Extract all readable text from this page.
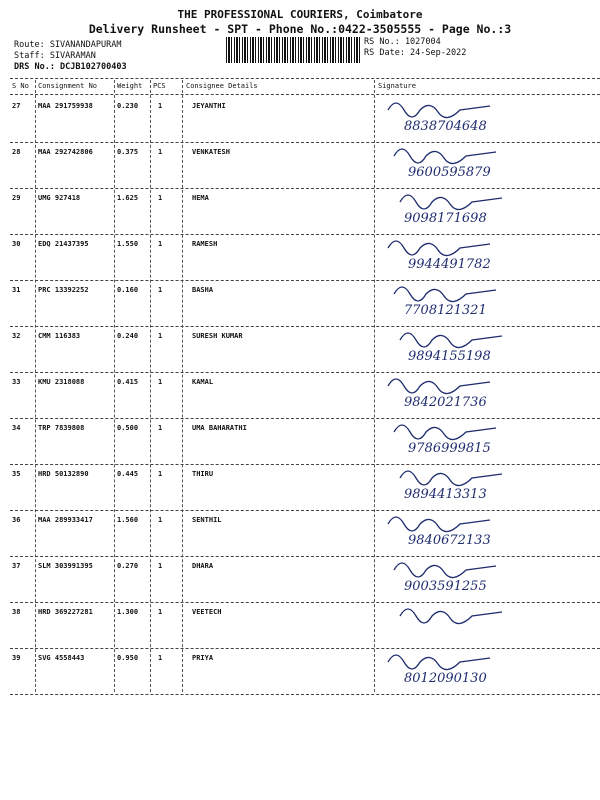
THE PROFESSIONAL COURIERS, Coimbatore
Delivery Runsheet - SPT - Phone No.:0422-3505555 - Page No.:3
Route: SIVANANDAPURAM
Staff: SIVARAMAN
DRS No.: DCJB102700403
RS No.: 1027004
RS Date: 24-Sep-2022
S No Consignment No	Weight PCS	Consignee Details	Signature
27	MAA 291759938	0.230	1	JEYANTHI
8838704648
28	MAA 292742806	0.375	1	VENKATESH
9600595879
29	UMG 927418	1.625	1	HEMA
9098171698
30	EDQ 21437395	1.550	1	RAMESH
9944491782
31	PRC 13392252	0.160	1	BASHA
7708121321
32	CMM 116383	0.240	1	SURESH KUMAR
9894155198
33	KMU 2318088	0.415	1	KAMAL
9842021736
34	TRP 7839808	0.500	1	UMA BAHARATHI
9786999815
35	HRD 50132890	0.445	1	THIRU
9894413313
36	MAA 289933417	1.560	1	SENTHIL
9840672133
37	SLM 303991395	0.270	1	DHARA
9003591255
38	HRD 369227281	1.300	1	VEETECH
39	SVG 4558443	0.950	1	PRIYA
8012090130
